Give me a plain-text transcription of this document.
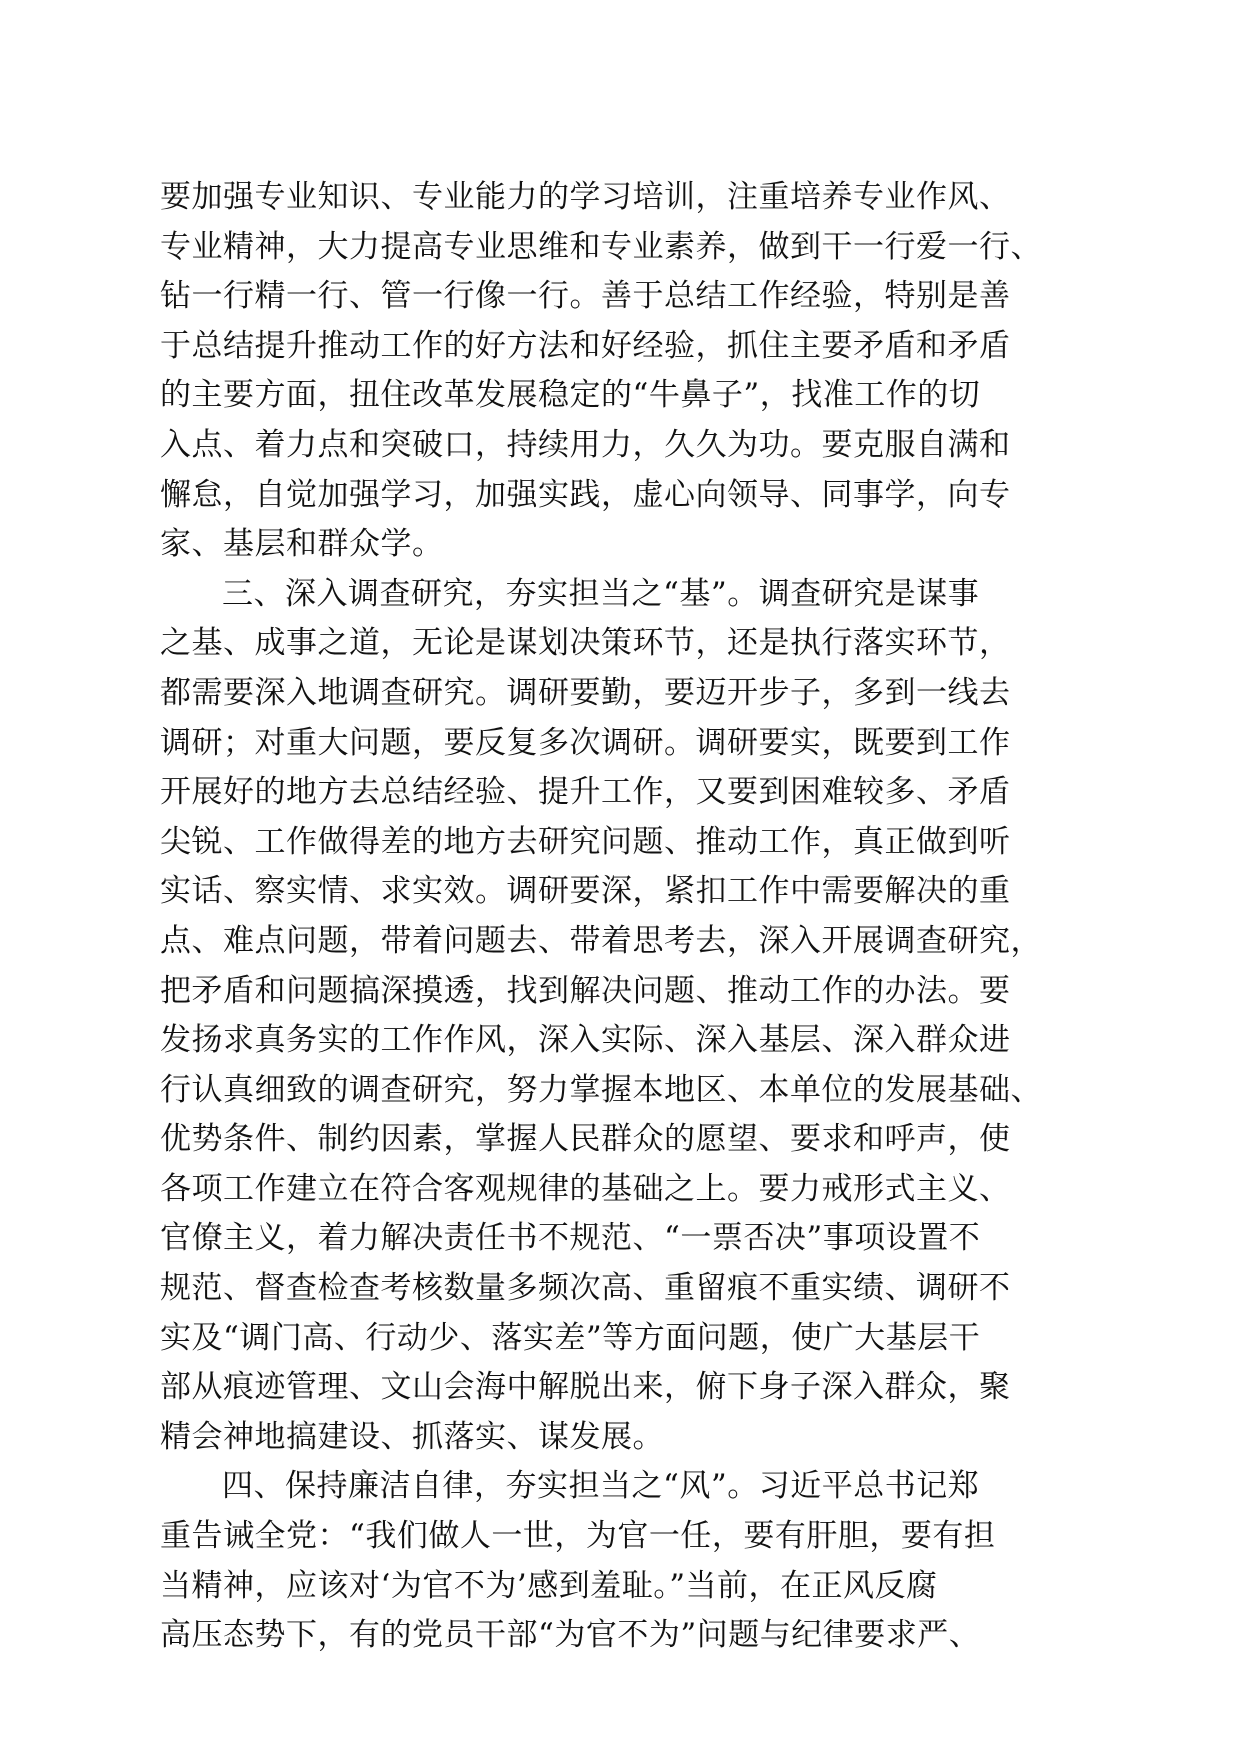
要加强专业知识、专业能力的学习培训，注重培养专业作风、
专业精神，大力提高专业思维和专业素养，做到干一行爱一行、
钻一行精一行、管一行像一行。善于总结工作经验，特别是善
于总结提升推动工作的好方法和好经验，抓住主要矛盾和矛盾
的主要方面，扭住改革发展稳定的“牛鼻子”，找准工作的切
入点、着力点和突破口，持续用力，久久为功。要克服自满和
懈怠，自觉加强学习，加强实践，虚心向领导、同事学，向专
家、基层和群众学。
三、深入调查研究，夯实担当之“基”。调查研究是谋事
之基、成事之道，无论是谋划决策环节，还是执行落实环节，
都需要深入地调查研究。调研要勤，要迈开步子，多到一线去
调研；对重大问题，要反复多次调研。调研要实，既要到工作
开展好的地方去总结经验、提升工作，又要到困难较多、矛盾
尖锐、工作做得差的地方去研究问题、推动工作，真正做到听
实话、察实情、求实效。调研要深，紧扣工作中需要解决的重
点、难点问题，带着问题去、带着思考去，深入开展调查研究，
把矛盾和问题搞深摸透，找到解决问题、推动工作的办法。要
发扬求真务实的工作作风，深入实际、深入基层、深入群众进
行认真细致的调查研究，努力掌握本地区、本单位的发展基础、
优势条件、制约因素，掌握人民群众的愿望、要求和呼声，使
各项工作建立在符合客观规律的基础之上。要力戒形式主义、
官僚主义，着力解决责任书不规范、“一票否决”事项设置不
规范、督查检查考核数量多频次高、重留痕不重实绩、调研不
实及“调门高、行动少、落实差”等方面问题，使广大基层干
部从痕迹管理、文山会海中解脱出来，俯下身子深入群众，聚
精会神地搞建设、抓落实、谋发展。
四、保持廉洁自律，夯实担当之“风”。习近平总书记郑
重告诫全党：“我们做人一世，为官一任，要有肝胆，要有担
当精神，应该对‘为官不为’感到羞耻。”当前，在正风反腐
高压态势下，有的党员干部“为官不为”问题与纪律要求严、
